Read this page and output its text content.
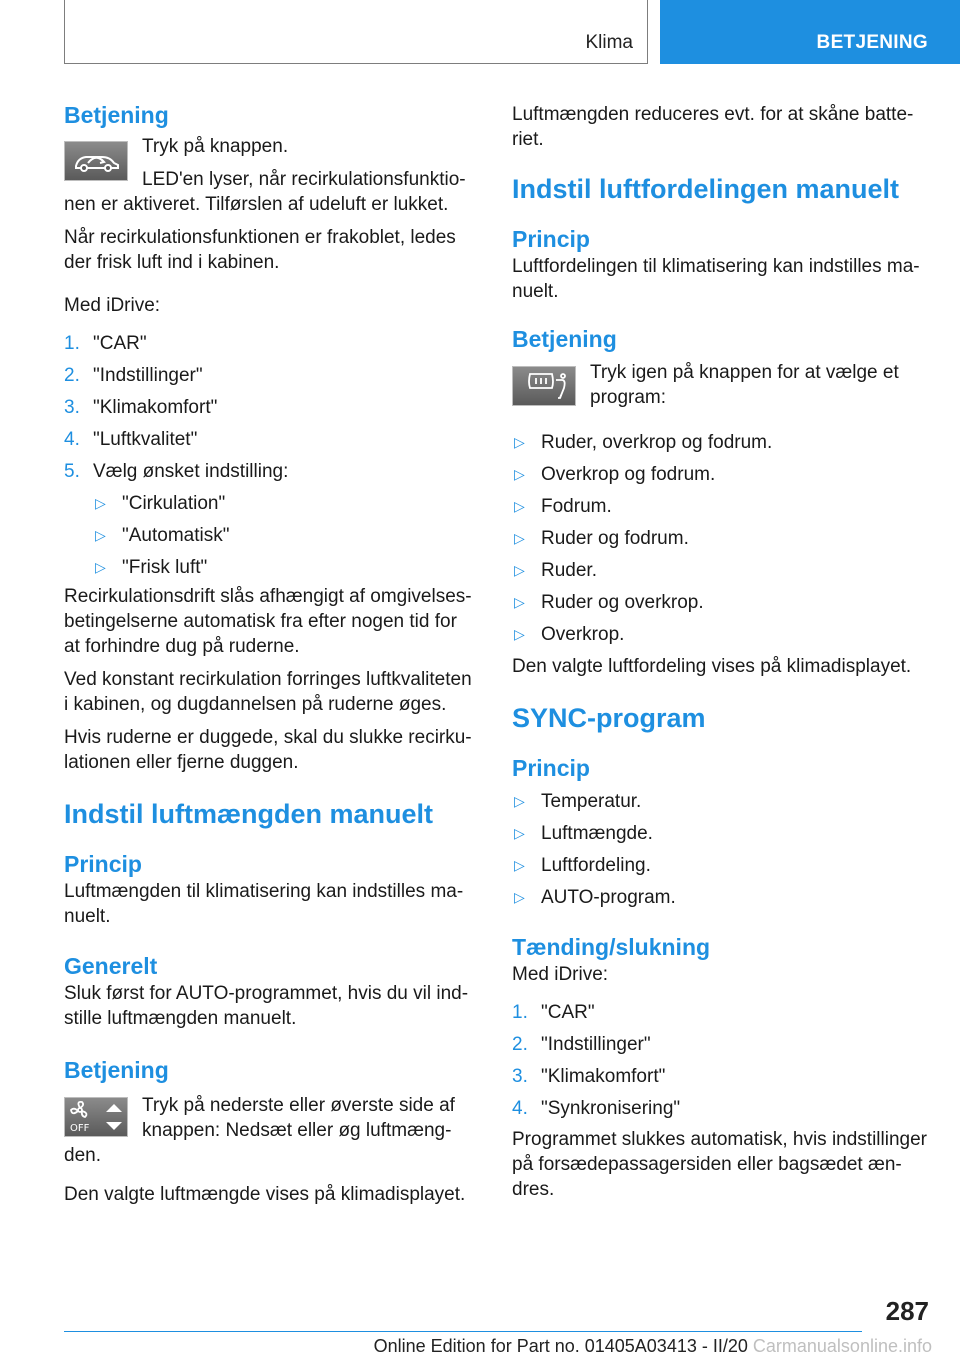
Klima	BETJENING
Betjening

Tryk på knappen.

LED'en lyser, når recirkulationsfunktio-nen er aktiveret. Tilførslen af udeluft er lukket.

Når recirkulationsfunktionen er frakoblet, ledes der frisk luft ind i kabinen.

Med iDrive:

1. "CAR"
2. "Indstillinger"
3. "Klimakomfort"
4. "Luftkvalitet"
5. Vælg ønsket indstilling:
▷ "Cirkulation"
▷ "Automatisk"
▷ "Frisk luft"

Recirkulationsdrift slås afhængigt af omgivelses-betingelserne automatisk fra efter nogen tid for at forhindre dug på ruderne.

Ved konstant recirkulation forringes luftkvaliteten i kabinen, og dugdannelsen på ruderne øges.

Hvis ruderne er duggede, skal du slukke recirku-lationen eller fjerne duggen.

Indstil luftmængden manuelt
Princip

Luftmængden til klimatisering kan indstilles ma-nuelt.

Generelt

Sluk først for AUTO-programmet, hvis du vil ind-stille luftmængden manuelt.

Betjening
OFF

Tryk på nederste eller øverste side af knappen: Nedsæt eller øg luftmæng-den.

Den valgte luftmængde vises på klimadisplayet.

Luftmængden reduceres evt. for at skåne batte-riet.

Indstil luftfordelingen manuelt
Princip

Luftfordelingen til klimatisering kan indstilles ma-nuelt.

Betjening

Tryk igen på knappen for at vælge et program:

▷ Ruder, overkrop og fodrum.
▷ Overkrop og fodrum.
▷ Fodrum.
▷ Ruder og fodrum.
▷ Ruder.
▷ Ruder og overkrop.
▷ Overkrop.

Den valgte luftfordeling vises på klimadisplayet.

SYNC-program
Princip
▷ Temperatur.
▷ Luftmængde.
▷ Luftfordeling.
▷ AUTO-program.
Tænding/slukning

Med iDrive:

1. "CAR"
2. "Indstillinger"
3. "Klimakomfort"
4. "Synkronisering"

Programmet slukkes automatisk, hvis indstillinger på forsædepassagersiden eller bagsædet æn-dres.

287
Online Edition for Part no. 01405A03413 - II/20 Carmanualsonline.info
